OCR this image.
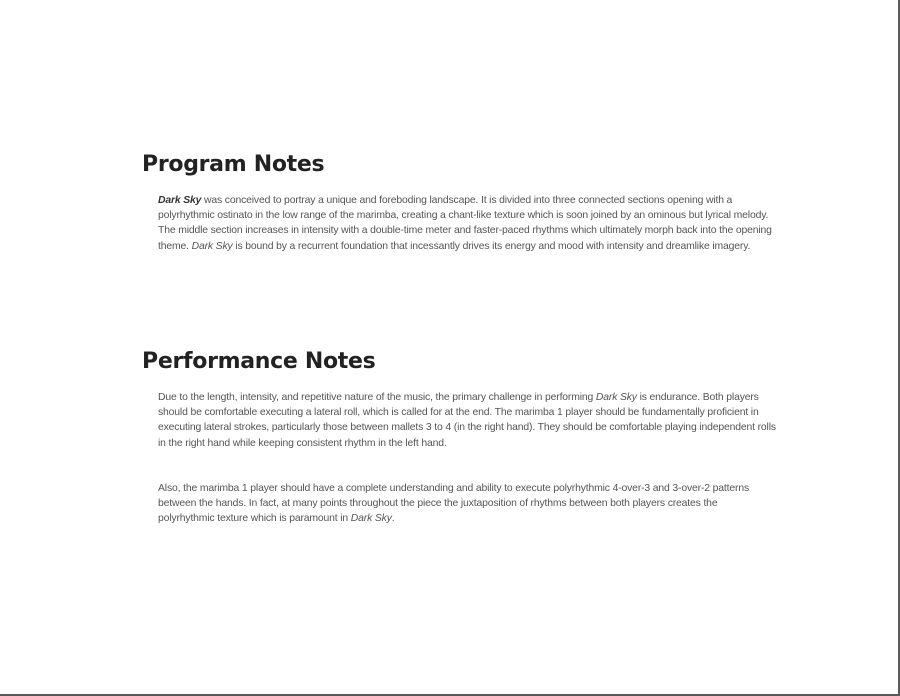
Program Notes

Dark Sky was conceived to portray a unique and foreboding landscape. It is divided into three connected sections opening with a polyrhythmic ostinato in the low range of the marimba, creating a chant-like texture which is soon joined by an ominous but lyrical melody. The middle section increases in intensity with a double-time meter and faster-paced rhythms which ultimately morph back into the opening theme. Dark Sky is bound by a recurrent foundation that incessantly drives its energy and mood with intensity and dreamlike imagery.

Performance Notes

Due to the length, intensity, and repetitive nature of the music, the primary challenge in performing Dark Sky is endurance. Both players should be comfortable executing a lateral roll, which is called for at the end. The marimba 1 player should be fundamentally proficient in executing lateral strokes, particularly those between mallets 3 to 4 (in the right hand). They should be comfortable playing independent rolls in the right hand while keeping consistent rhythm in the left hand.

Also, the marimba 1 player should have a complete understanding and ability to execute polyrhythmic 4-over-3 and 3-over-2 patterns between the hands. In fact, at many points throughout the piece the juxtaposition of rhythms between both players creates the polyrhythmic texture which is paramount in Dark Sky.
